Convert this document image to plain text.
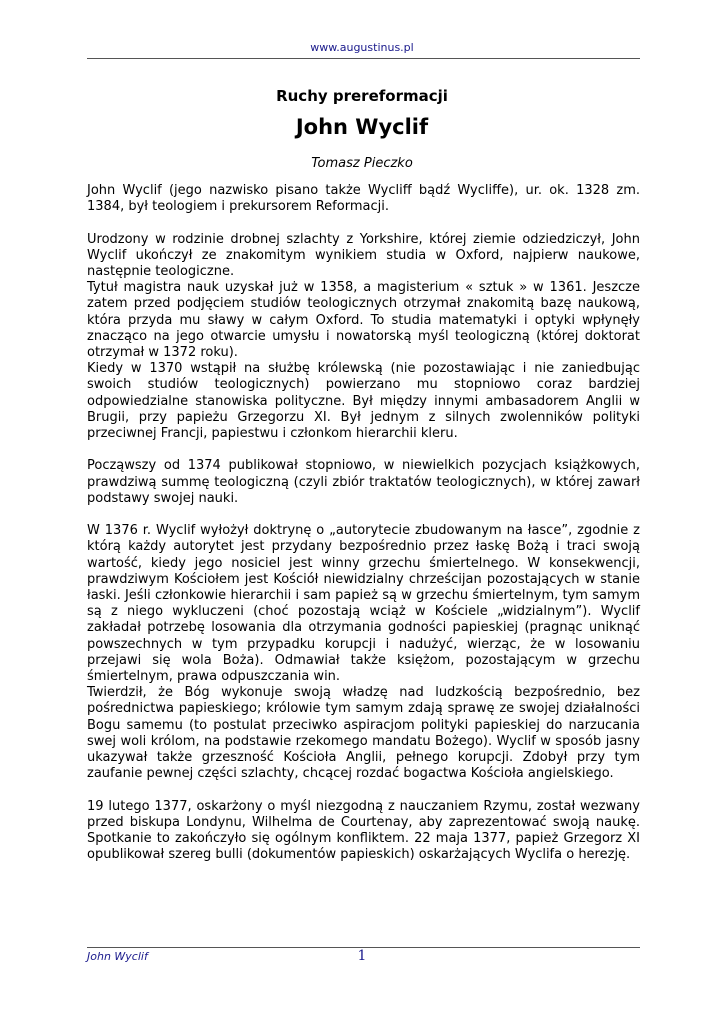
www.augustinus.pl
Ruchy prereformacji
John Wyclif
Tomasz Pieczko

John Wyclif (jego nazwisko pisano także Wycliff bądź Wycliffe), ur. ok. 1328 zm. 1384, był teologiem i prekursorem Reformacji.

Urodzony w rodzinie drobnej szlachty z Yorkshire, której ziemie odziedziczył, John Wyclif ukończył ze znakomitym wynikiem studia w Oxford, najpierw naukowe, następnie teologiczne.

Tytuł magistra nauk uzyskał już w 1358, a magisterium « sztuk » w 1361. Jeszcze zatem przed podjęciem studiów teologicznych otrzymał znakomitą bazę naukową, która przyda mu sławy w całym Oxford. To studia matematyki i optyki wpłynęły znacząco na jego otwarcie umysłu i nowatorską myśl teologiczną (której doktorat otrzymał w 1372 roku).

Kiedy w 1370 wstąpił na służbę królewską (nie pozostawiając i nie zaniedbując swoich studiów teologicznych) powierzano mu stopniowo coraz bardziej odpowiedzialne stanowiska polityczne. Był między innymi ambasadorem Anglii w Brugii, przy papieżu Grzegorzu XI. Był jednym z silnych zwolenników polityki przeciwnej Francji, papiestwu i członkom hierarchii kleru.

Począwszy od 1374 publikował stopniowo, w niewielkich pozycjach książkowych, prawdziwą summę teologiczną (czyli zbiór traktatów teologicznych), w której zawarł podstawy swojej nauki.

W 1376 r. Wyclif wyłożył doktrynę o „autorytecie zbudowanym na łasce”, zgodnie z którą każdy autorytet jest przydany bezpośrednio przez łaskę Bożą i traci swoją wartość, kiedy jego nosiciel jest winny grzechu śmiertelnego. W konsekwencji, prawdziwym Kościołem jest Kościół niewidzialny chrześcijan pozostających w stanie łaski. Jeśli członkowie hierarchii i sam papież są w grzechu śmiertelnym, tym samym są z niego wykluczeni (choć pozostają wciąż w Kościele „widzialnym”). Wyclif zakładał potrzebę losowania dla otrzymania godności papieskiej (pragnąc uniknąć powszechnych w tym przypadku korupcji i nadużyć, wierząc, że w losowaniu przejawi się wola Boża). Odmawiał także księżom, pozostającym w grzechu śmiertelnym, prawa odpuszczania win.

Twierdził, że Bóg wykonuje swoją władzę nad ludzkością bezpośrednio, bez pośrednictwa papieskiego; królowie tym samym zdają sprawę ze swojej działalności Bogu samemu (to postulat przeciwko aspiracjom polityki papieskiej do narzucania swej woli królom, na podstawie rzekomego mandatu Bożego). Wyclif w sposób jasny ukazywał także grzeszność Kościoła Anglii, pełnego korupcji. Zdobył przy tym zaufanie pewnej części szlachty, chcącej rozdać bogactwa Kościoła angielskiego.

19 lutego 1377, oskarżony o myśl niezgodną z nauczaniem Rzymu, został wezwany przed biskupa Londynu, Wilhelma de Courtenay, aby zaprezentować swoją naukę. Spotkanie to zakończyło się ogólnym konfliktem. 22 maja 1377, papież Grzegorz XI opublikował szereg bulli (dokumentów papieskich) oskarżających Wyclifa o herezję.

John Wyclif	1
